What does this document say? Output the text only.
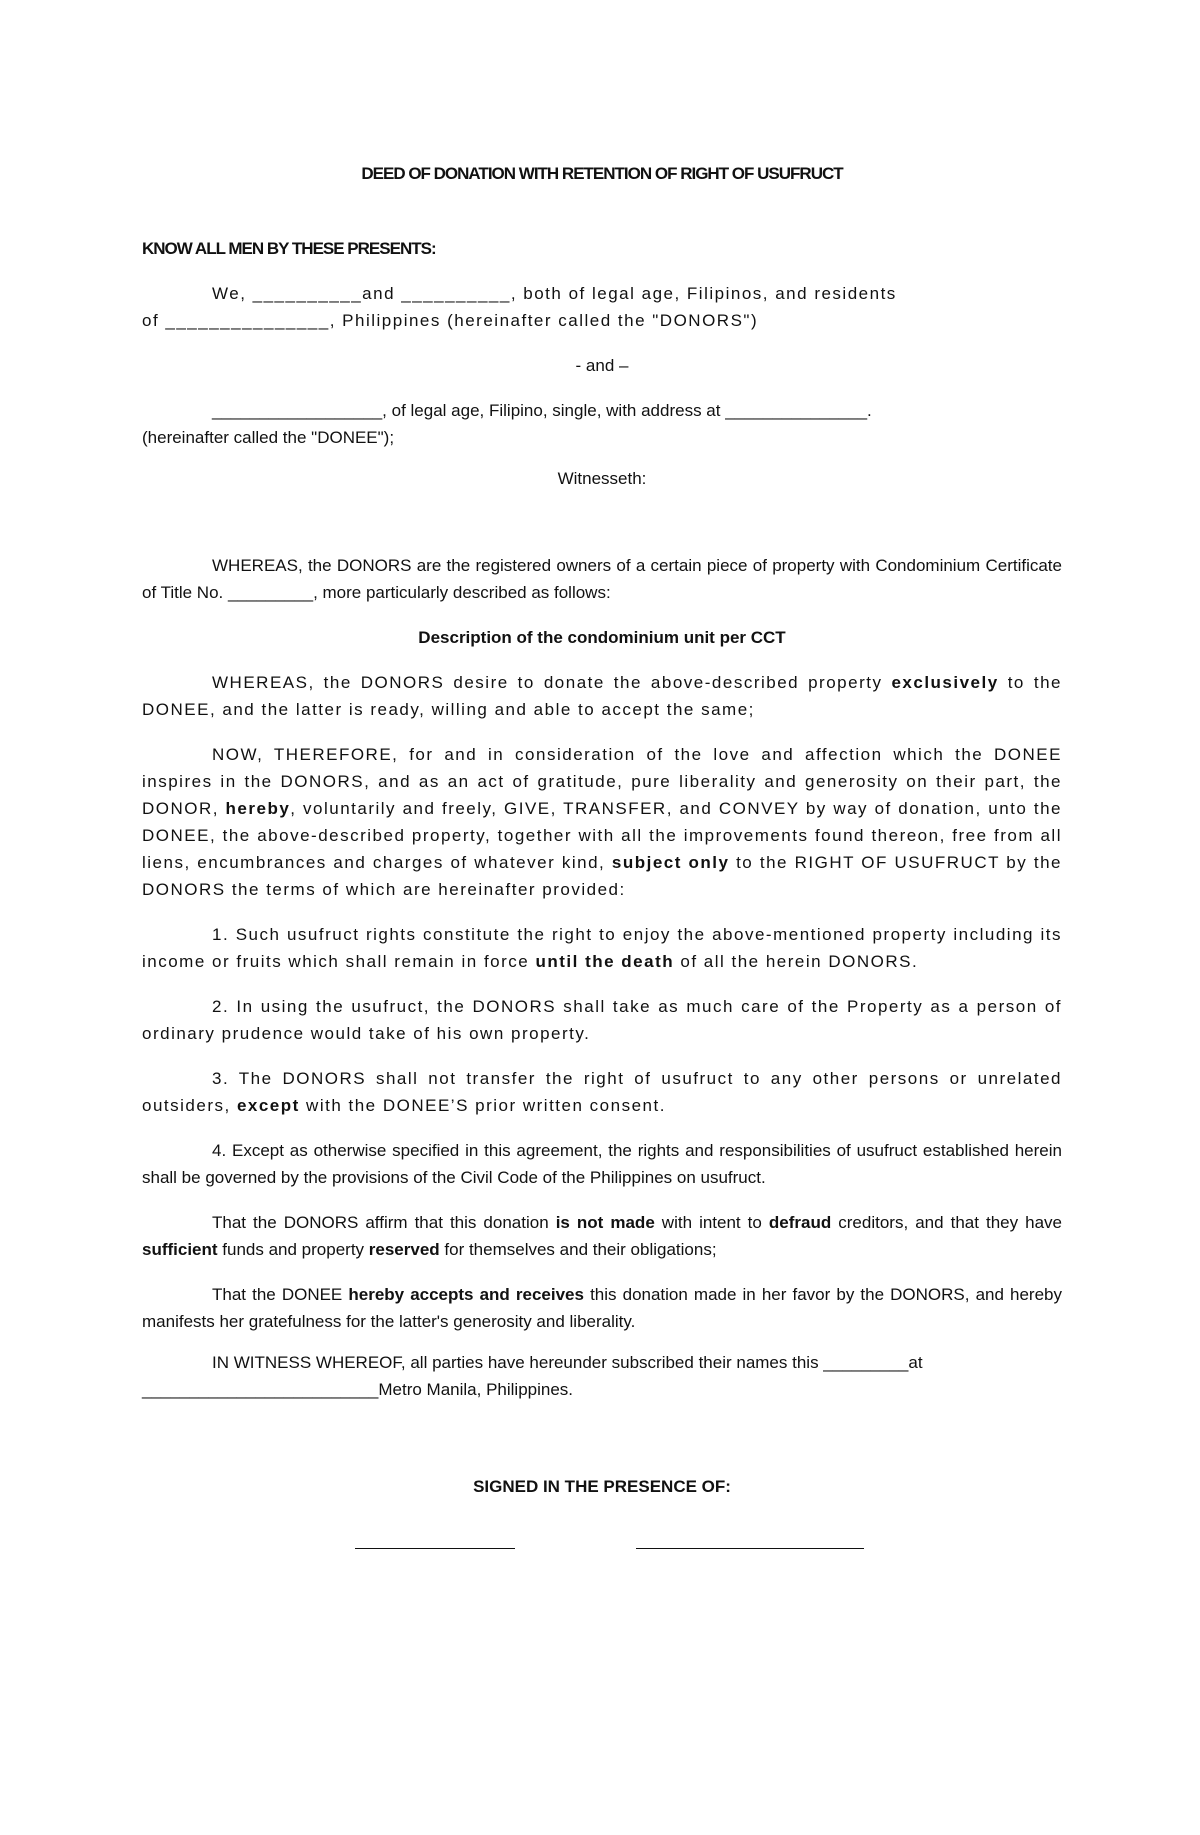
DEED OF DONATION WITH RETENTION OF RIGHT OF USUFRUCT

KNOW ALL MEN BY THESE PRESENTS:

We, __________and __________, both of legal age, Filipinos, and residents

of _______________, Philippines (hereinafter called the "DONORS")

- and –

__________________, of legal age, Filipino, single, with address at _______________.

(hereinafter called the "DONEE");

Witnesseth:

WHEREAS, the DONORS are the registered owners of a certain piece of property with Condominium Certificate of Title No. _________, more particularly described as follows:

Description of the condominium unit per CCT

WHEREAS, the DONORS desire to donate the above-described property exclusively to the DONEE, and the latter is ready, willing and able to accept the same;

NOW, THEREFORE, for and in consideration of the love and affection which the DONEE inspires in the DONORS, and as an act of gratitude, pure liberality and generosity on their part, the DONOR, hereby, voluntarily and freely, GIVE, TRANSFER, and CONVEY by way of donation, unto the DONEE, the above-described property, together with all the improvements found thereon, free from all liens, encumbrances and charges of whatever kind, subject only to the RIGHT OF USUFRUCT by the DONORS the terms of which are hereinafter provided:

1. Such usufruct rights constitute the right to enjoy the above-mentioned property including its income or fruits which shall remain in force until the death of all the herein DONORS.

2. In using the usufruct, the DONORS shall take as much care of the Property as a person of ordinary prudence would take of his own property.

3. The DONORS shall not transfer the right of usufruct to any other persons or unrelated outsiders, except with the DONEE’S prior written consent.

4. Except as otherwise specified in this agreement, the rights and responsibilities of usufruct established herein shall be governed by the provisions of the Civil Code of the Philippines on usufruct.

That the DONORS affirm that this donation is not made with intent to defraud creditors, and that they have sufficient funds and property reserved for themselves and their obligations;

That the DONEE hereby accepts and receives this donation made in her favor by the DONORS, and hereby manifests her gratefulness for the latter's generosity and liberality.

IN WITNESS WHEREOF, all parties have hereunder subscribed their names this _________at

_________________________Metro Manila, Philippines.

SIGNED IN THE PRESENCE OF:
